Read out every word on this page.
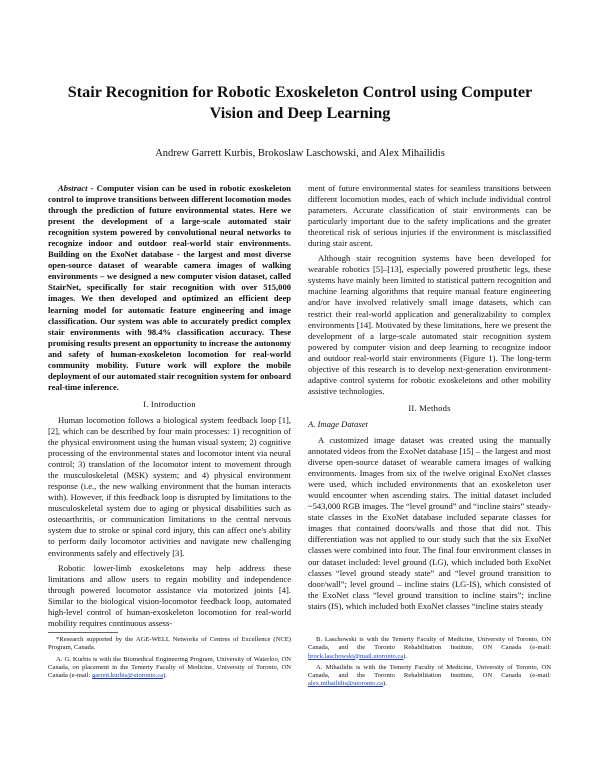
Stair Recognition for Robotic Exoskeleton Control using Computer Vision and Deep Learning
Andrew Garrett Kurbis, Brokoslaw Laschowski, and Alex Mihailidis

Abstract - Computer vision can be used in robotic exoskeleton control to improve transitions between different locomotion modes through the prediction of future environmental states. Here we present the development of a large-scale automated stair recognition system powered by convolutional neural networks to recognize indoor and outdoor real-world stair environments. Building on the ExoNet database - the largest and most diverse open-source dataset of wearable camera images of walking environments – we designed a new computer vision dataset, called StairNet, specifically for stair recognition with over 515,000 images. We then developed and optimized an efficient deep learning model for automatic feature engineering and image classification. Our system was able to accurately predict complex stair environments with 98.4% classification accuracy. These promising results present an opportunity to increase the autonomy and safety of human-exoskeleton locomotion for real-world community mobility. Future work will explore the mobile deployment of our automated stair recognition system for onboard real-time inference.

I. Introduction

Human locomotion follows a biological system feedback loop [1], [2], which can be described by four main processes: 1) recognition of the physical environment using the human visual system; 2) cognitive processing of the environmental states and locomotor intent via neural control; 3) translation of the locomotor intent to movement through the musculoskeletal (MSK) system; and 4) physical environment response (i.e., the new walking environment that the human interacts with). However, if this feedback loop is disrupted by limitations to the musculoskeletal system due to aging or physical disabilities such as osteoarthritis, or communication limitations to the central nervous system due to stroke or spinal cord injury, this can affect one's ability to perform daily locomotor activities and navigate new challenging environments safely and effectively [3].

Robotic lower-limb exoskeletons may help address these limitations and allow users to regain mobility and independence through powered locomotor assistance via motorized joints [4]. Similar to the biological vision-locomotor feedback loop, automated high-level control of human-exoskeleton locomotion for real-world mobility requires continuous assess-

ment of future environmental states for seamless transitions between different locomotion modes, each of which include individual control parameters. Accurate classification of stair environments can be particularly important due to the safety implications and the greater theoretical risk of serious injuries if the environment is misclassified during stair ascent.

Although stair recognition systems have been developed for wearable robotics [5]–[13], especially powered prosthetic legs, these systems have mainly been limited to statistical pattern recognition and machine learning algorithms that require manual feature engineering and/or have involved relatively small image datasets, which can restrict their real-world application and generalizability to complex environments [14]. Motivated by these limitations, here we present the development of a large-scale automated stair recognition system powered by computer vision and deep learning to recognize indoor and outdoor real-world stair environments (Figure 1). The long-term objective of this research is to develop next-generation environment-adaptive control systems for robotic exoskeletons and other mobility assistive technologies.

II. Methods
A. Image Dataset

A customized image dataset was created using the manually annotated videos from the ExoNet database [15] – the largest and most diverse open-source dataset of wearable camera images of walking environments. Images from six of the twelve original ExoNet classes were used, which included environments that an exoskeleton user would encounter when ascending stairs. The initial dataset included ~543,000 RGB images. The “level ground” and “incline stairs” steady-state classes in the ExoNet database included separate classes for images that contained doors/walls and those that did not. This differentiation was not applied to our study such that the six ExoNet classes were combined into four. The final four environment classes in our dataset included: level ground (LG), which included both ExoNet classes “level ground steady state” and “level ground transition to door/wall”; level ground – incline stairs (LG-IS), which consisted of the ExoNet class “level ground transition to incline stairs”; incline stairs (IS), which included both ExoNet classes “incline stairs steady

*Research supported by the AGE-WELL Networks of Centres of Excellence (NCE) Program, Canada.

A. G. Kurbis is with the Biomedical Engineering Program, University of Waterloo, ON Canada, on placement in the Temerty Faculty of Medicine, University of Toronto, ON Canada (e-mail: garrett.kurbis@utoronto.ca).

B. Laschowski is with the Temerty Faculty of Medicine, University of Toronto, ON Canada, and the Toronto Rehabilitation Institute, ON Canada (e-mail: brock.laschowski@mail.utoronto.ca).

A. Mihailidis is with the Temerty Faculty of Medicine, University of Toronto, ON Canada, and the Toronto Rehabilitation Institute, ON Canada (e-mail: alex.mihailidis@utoronto.ca).
